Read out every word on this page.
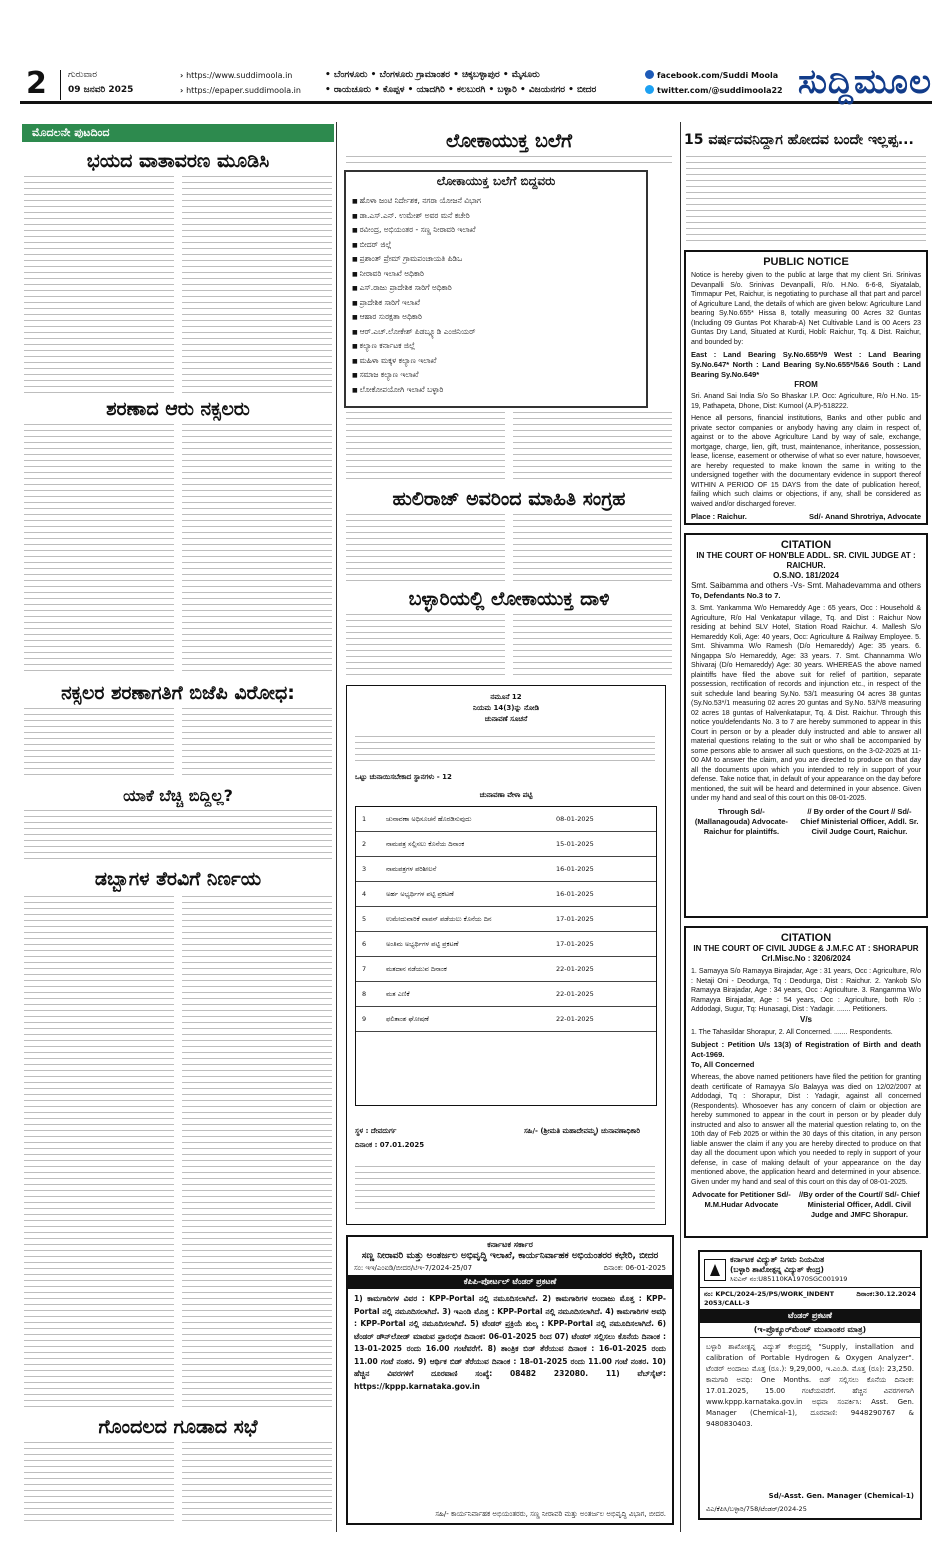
2 ಗುರುವಾರ
09 ಜನವರಿ 2025
› https://www.suddimoola.in
› https://epaper.suddimoola.in
• ಬೆಂಗಳೂರು • ಬೆಂಗಳೂರು ಗ್ರಾಮಾಂತರ • ಚಿಕ್ಕಬಳ್ಳಾಪುರ • ಮೈಸೂರು
• ರಾಯಚೂರು • ಕೊಪ್ಪಳ • ಯಾದಗಿರಿ • ಕಲಬುರಗಿ • ಬಳ್ಳಾರಿ • ವಿಜಯನಗರ • ಬೀದರ
facebook.com/Suddi Moola
twitter.com/@suddimoola22 ಸುದ್ದಿಮೂಲ
ಮೊದಲನೇ ಪುಟದಿಂದ
ಭಯದ ವಾತಾವರಣ ಮೂಡಿಸಿ
ಶರಣಾದ ಆರು ನಕ್ಸಲರು
ನಕ್ಸಲರ ಶರಣಾಗತಿಗೆ ಬಿಜೆಪಿ ವಿರೋಧ:
ಯಾಕೆ ಬೆಚ್ಚಿ ಬಿದ್ದಿಲ್ಲ?
ಡಬ್ಬಾಗಳ ತೆರವಿಗೆ ನಿರ್ಣಯ
ಗೊಂದಲದ ಗೂಡಾದ ಸಭೆ
ಲೋಕಾಯುಕ್ತ ಬಲೆಗೆ
ಲೋಕಾಯುಕ್ತ ಬಲೆಗೆ ಬಿದ್ದವರು
■ ಹೊಳಾ ಜಂಟಿ ನಿರ್ದೇಶಕ, ನಗರಾ ಯೋಜನೆ ವಿಭಾಗ
■ ಡಾ.ಎಸ್.ಎನ್. ಉಮೇಶ್ ಅವರ ಮನೆ ಕಚೇರಿ
■ ರವೀಂದ್ರ, ಅಭಿಯಂತರ - ಸಣ್ಣ ನೀರಾವರಿ ಇಲಾಖೆ
■ ಬೀದರ್ ಜಿಲ್ಲೆ
■ ಪ್ರಶಾಂತ್ ಪ್ರೇಮ್ ಗ್ರಾಮಪಂಚಾಯತಿ ಪಿಡಿಒ
■ ನೀರಾವರಿ ಇಲಾಖೆ ಅಧಿಕಾರಿ
■ ಎಸ್.ರಾಜು ಪ್ರಾದೇಶಿಕ ಸಾರಿಗೆ ಅಧಿಕಾರಿ
■ ಪ್ರಾದೇಶಿಕ ಸಾರಿಗೆ ಇಲಾಖೆ
■ ಆಹಾರ ಸುರಕ್ಷತಾ ಅಧಿಕಾರಿ
■ ಆರ್.ಎಚ್.ಲೋಕೇಶ್ ಪಿಡಬ್ಲ್ಯೂಡಿ ಎಂಜಿನಿಯರ್
■ ಕಲ್ಯಾಣ ಕರ್ನಾಟಕ ಜಿಲ್ಲೆ
■ ಮಹಿಳಾ ಮಕ್ಕಳ ಕಲ್ಯಾಣ ಇಲಾಖೆ
■ ಸಮಾಜ ಕಲ್ಯಾಣ ಇಲಾಖೆ
■ ಲೋಕೋಪಯೋಗಿ ಇಲಾಖೆ ಬಳ್ಳಾರಿ
ಹುಲಿರಾಜ್ ಅವರಿಂದ ಮಾಹಿತಿ ಸಂಗ್ರಹ
ಬಳ್ಳಾರಿಯಲ್ಲಿ ಲೋಕಾಯುಕ್ತ ದಾಳಿ
ನಮೂನೆ 12
ನಿಯಮ 14(3)ನ್ನು ನೋಡಿ
ಚುನಾವಣೆ ಸೂಚನೆ
ಒಟ್ಟು ಚುನಾಯಿಸಬೇಕಾದ ಸ್ಥಾನಗಳು - 12
ಚುನಾವಣಾ ವೇಳಾ ಪಟ್ಟಿ
1	ಚುನಾವಣಾ ಅಧಿಸೂಚನೆ ಹೊರಡಿಸುವುದು	08-01-2025
2	ನಾಮಪತ್ರ ಸಲ್ಲಿಸಲು ಕೊನೆಯ ದಿನಾಂಕ	15-01-2025
3	ನಾಮಪತ್ರಗಳ ಪರಿಶೀಲನೆ	16-01-2025
4	ಅರ್ಹ ಅಭ್ಯರ್ಥಿಗಳ ಪಟ್ಟಿ ಪ್ರಕಟಣೆ	16-01-2025
5	ಉಮೇದುವಾರಿಕೆ ವಾಪಸ್ ಪಡೆಯಲು ಕೊನೆಯ ದಿನ	17-01-2025
6	ಅಂತಿಮ ಅಭ್ಯರ್ಥಿಗಳ ಪಟ್ಟಿ ಪ್ರಕಟಣೆ	17-01-2025
7	ಮತದಾನ ನಡೆಯುವ ದಿನಾಂಕ	22-01-2025
8	ಮತ ಎಣಿಕೆ	22-01-2025
9	ಫಲಿತಾಂಶ ಘೋಷಣೆ	22-01-2025
ಸ್ಥಳ : ದೇವದುರ್ಗ
ದಿನಾಂಕ : 07.01.2025
ಸಹಿ/- (ಶ್ರೀಮತಿ ಮಹಾದೇವಮ್ಮ) ಚುನಾವಣಾಧಿಕಾರಿ
ಕರ್ನಾಟಕ ಸರ್ಕಾರ
ಸಣ್ಣ ನೀರಾವರಿ ಮತ್ತು ಅಂತರ್ಜಲ ಅಭಿವೃದ್ಧಿ ಇಲಾಖೆ, ಕಾರ್ಯನಿರ್ವಾಹಕ ಅಭಿಯಂತರರ ಕಛೇರಿ, ಬೀದರ
ಸಂ: ಇಇ/ಎಂಐಡಿ/ಬೀದರ/ಟಿಇ-7/2024-25/07	ದಿನಾಂಕ: 06-01-2025
ಕೆಪಿಪಿ-ಪೋರ್ಟಲ್ ಟೆಂಡರ್ ಪ್ರಕಟಣೆ
1) ಕಾಮಗಾರಿಗಳ ವಿವರ : KPP-Portal ನಲ್ಲಿ ನಮೂದಿಸಲಾಗಿದೆ. 2) ಕಾಮಗಾರಿಗಳ ಅಂದಾಜು ಮೊತ್ತ : KPP-Portal ನಲ್ಲಿ ನಮೂದಿಸಲಾಗಿದೆ. 3) ಇಎಂಡಿ ಮೊತ್ತ : KPP-Portal ನಲ್ಲಿ ನಮೂದಿಸಲಾಗಿದೆ. 4) ಕಾಮಗಾರಿಗಳ ಅವಧಿ : KPP-Portal ನಲ್ಲಿ ನಮೂದಿಸಲಾಗಿದೆ. 5) ಟೆಂಡರ್ ಪ್ರಕ್ರಿಯೆ ಶುಲ್ಕ : KPP-Portal ನಲ್ಲಿ ನಮೂದಿಸಲಾಗಿದೆ. 6) ಟೆಂಡರ್ ಡೌನ್‌ಲೋಡ್ ಮಾಡುವ ಪ್ರಾರಂಭಿಕ ದಿನಾಂಕ: 06-01-2025 ರಿಂದ 07) ಟೆಂಡರ್ ಸಲ್ಲಿಸಲು ಕೊನೆಯ ದಿನಾಂಕ : 13-01-2025 ರಂದು 16.00 ಗಂಟೆವರೆಗೆ. 8) ತಾಂತ್ರಿಕ ಬಿಡ್ ತೆರೆಯುವ ದಿನಾಂಕ : 16-01-2025 ರಂದು 11.00 ಗಂಟೆ ನಂತರ. 9) ಆರ್ಥಿಕ ಬಿಡ್ ತೆರೆಯುವ ದಿನಾಂಕ : 18-01-2025 ರಂದು 11.00 ಗಂಟೆ ನಂತರ. 10) ಹೆಚ್ಚಿನ ವಿವರಗಳಿಗೆ ದೂರವಾಣಿ ಸಂಖ್ಯೆ: 08482 232080. 11) ವೆಬ್‌ಸೈಟ್: https://kppp.karnataka.gov.in
ಸಹಿ/- ಕಾರ್ಯನಿರ್ವಾಹಕ ಅಭಿಯಂತರರು, ಸಣ್ಣ ನೀರಾವರಿ ಮತ್ತು ಅಂತರ್ಜಲ ಅಭಿವೃದ್ಧಿ ವಿಭಾಗ, ಬೀದರ.
15 ವರ್ಷದವನಿದ್ದಾಗ ಹೋದವ ಬಂದೇ ಇಲ್ಲಪ್ಪ...
PUBLIC NOTICE

Notice is hereby given to the public at large that my client Sri. Srinivas Devanpalli S/o. Srinivas Devanpalli, R/o. H.No. 6-6-8, Siyatalab, Timmapur Pet, Raichur, is negotiating to purchase all that part and parcel of Agriculture Land, the details of which are given below: Agriculture Land bearing Sy.No.655* Hissa 8, totally measuring 00 Acres 32 Guntas (Including 09 Guntas Pot Kharab-A) Net Cultivable Land is 00 Acers 23 Guntas Dry Land, Situated at Kurdi, Hobli: Raichur, Tq. & Dist. Raichur, and bounded by:

East : Land Bearing Sy.No.655*/9 West : Land Bearing Sy.No.647* North : Land Bearing Sy.No.655*/5&6 South : Land Bearing Sy.No.649*

FROM

Sri. Anand Sai India S/o So Bhaskar I.P. Occ: Agriculture, R/o H.No. 15-19, Pathapeta, Dhone, Dist: Kurnool (A.P)-518222.

Hence all persons, financial institutions, Banks and other public and private sector companies or anybody having any claim in respect of, against or to the above Agriculture Land by way of sale, exchange, mortgage, charge, lien, gift, trust, maintenance, inheritance, possession, lease, license, easement or otherwise of what so ever nature, howsoever, are hereby requested to make known the same in writing to the undersigned together with the documentary evidence in support thereof WITHIN A PERIOD OF 15 DAYS from the date of publication hereof, failing which such claims or objections, if any, shall be considered as waived and/or discharged forever.

Place : Raichur.	Sd/- Anand Shrotriya, Advocate
CITATION
IN THE COURT OF HON'BLE ADDL. SR. CIVIL JUDGE AT : RAICHUR.
O.S.NO. 181/2024
Smt. Saibamma and others -Vs- Smt. Mahadevamma and others
To, Defendants No.3 to 7.

3. Smt. Yankamma W/o Hemareddy Age : 65 years, Occ : Household & Agriculture, R/o Hal Venkatapur village, Tq. and Dist : Raichur Now residing at behind SLV Hotel, Station Road Raichur. 4. Mallesh S/o Hemareddy Koli, Age: 40 years, Occ: Agriculture & Railway Employee. 5. Smt. Shivamma W/o Ramesh (D/o Hemareddy) Age: 35 years. 6. Ningappa S/o Hemareddy, Age: 33 years. 7. Smt. Channamma W/o Shivaraj (D/o Hemareddy) Age: 30 years. WHEREAS the above named plaintiffs have filed the above suit for relief of partition, separate possession, rectification of records and injunction etc., in respect of the suit schedule land bearing Sy.No. 53/1 measuring 04 acres 38 guntas (Sy.No.53*/1 measuring 02 acres 20 guntas and Sy.No. 53/*/8 measuring 02 acres 18 guntas of Halvenkatapur, Tq. & Dist. Raichur. Through this notice you/defendants No. 3 to 7 are hereby summoned to appear in this Court in person or by a pleader duly instructed and able to answer all material questions relating to the suit or who shall be accompanied by some persons able to answer all such questions, on the 3-02-2025 at 11-00 AM to answer the claim, and you are directed to produce on that day all the documents upon which you intended to rely in support of your defense. Take notice that, in default of your appearance on the day before mentioned, the suit will be heard and determined in your absence. Given under my hand and seal of this court on this 08-01-2025.

Through Sd/- (Mallanagouda) Advocate-Raichur for plaintiffs.
// By order of the Court // Sd/- Chief Ministerial Officer, Addl. Sr. Civil Judge Court, Raichur.
CITATION
IN THE COURT OF CIVIL JUDGE & J.M.F.C AT : SHORAPUR
Crl.Misc.No : 3206/2024

1. Samayya S/o Ramayya Birajadar, Age : 31 years, Occ : Agriculture, R/o : Netaji Oni - Deodurga, Tq : Deodurga, Dist : Raichur. 2. Yankob S/o Ramayya Birajadar, Age : 34 years, Occ : Agriculture. 3. Rangamma W/o Ramayya Birajadar, Age : 54 years, Occ : Agriculture, both R/o : Addodagi, Sugur, Tq: Hunasagi, Dist : Yadagir. ....... Petitioners.

V/s

1. The Tahasildar Shorapur, 2. All Concerned. ....... Respondents.

Subject : Petition U/s 13(3) of Registration of Birth and death Act-1969.

To, All Concerned

Whereas, the above named petitioners have filed the petition for granting death certificate of Ramayya S/o Balayya was died on 12/02/2007 at Addodagi, Tq : Shorapur, Dist : Yadagir, against all concerned (Respondents). Whosoever has any concern of claim or objection are hereby summoned to appear in the court in person or by pleader duly instructed and also to answer all the material question relating to, on the 10th day of Feb 2025 or within the 30 days of this citation, in any person liable answer the claim if any you are hereby directed to produce on that day all the document upon which you needed to reply in support of your defense, in case of making default of your appearance on the day mentioned above, the application heard and determined in your absence. Given under my hand and seal of this court on this day of 08-01-2025.

Advocate for Petitioner Sd/- M.M.Hudar Advocate
//By order of the Court// Sd/- Chief Ministerial Officer, Addl. Civil Judge and JMFC Shorapur.
ಕರ್ನಾಟಕ ವಿದ್ಯುತ್ ನಿಗಮ ನಿಯಮಿತ
(ಬಳ್ಳಾರಿ ಶಾಖೋತ್ಪನ್ನ ವಿದ್ಯುತ್ ಕೇಂದ್ರ)
ಸಿಐಎನ್ ನಂ:U85110KA1970SGC001919
ನಂ: KPCL/2024-25/PS/WORK_INDENT 2053/CALL-3
ದಿನಾಂಕ:30.12.2024
ಟೆಂಡರ್ ಪ್ರಕಟಣೆ
(ಇ-ಪ್ರೊಕ್ಯೂರ್‌ಮೆಂಟ್ ಮುಖಾಂತರ ಮಾತ್ರ)
ಬಳ್ಳಾರಿ ಶಾಖೋತ್ಪನ್ನ ವಿದ್ಯುತ್ ಕೇಂದ್ರದಲ್ಲಿ "Supply, installation and calibration of Portable Hydrogen & Oxygen Analyzer". ಟೆಂಡರ್ ಅಂದಾಜು ಮೊತ್ತ (ರೂ.): 9,29,000, ಇ.ಎಂ.ಡಿ. ಮೊತ್ತ (ರೂ): 23,250. ಕಾಮಗಾರಿ ಅವಧಿ: One Months. ಬಿಡ್ ಸಲ್ಲಿಸಲು ಕೊನೆಯ ದಿನಾಂಕ: 17.01.2025, 15.00 ಗಂಟೆಯವರೆಗೆ. ಹೆಚ್ಚಿನ ವಿವರಗಳಿಗಾಗಿ www.kppp.karnataka.gov.in ಅಥವಾ ಸಂಪರ್ಕಿಸಿ: Asst. Gen. Manager (Chemical-1), ದೂರವಾಣಿ: 9448290767 & 9480830403.
Sd/-Asst. Gen. Manager (Chemical-1)
ವಿಎ/ಕೆಪಿಸಿ/ಬಳ್ಳಾರಿ/758/ಟೆಂಡರ್/2024-25
